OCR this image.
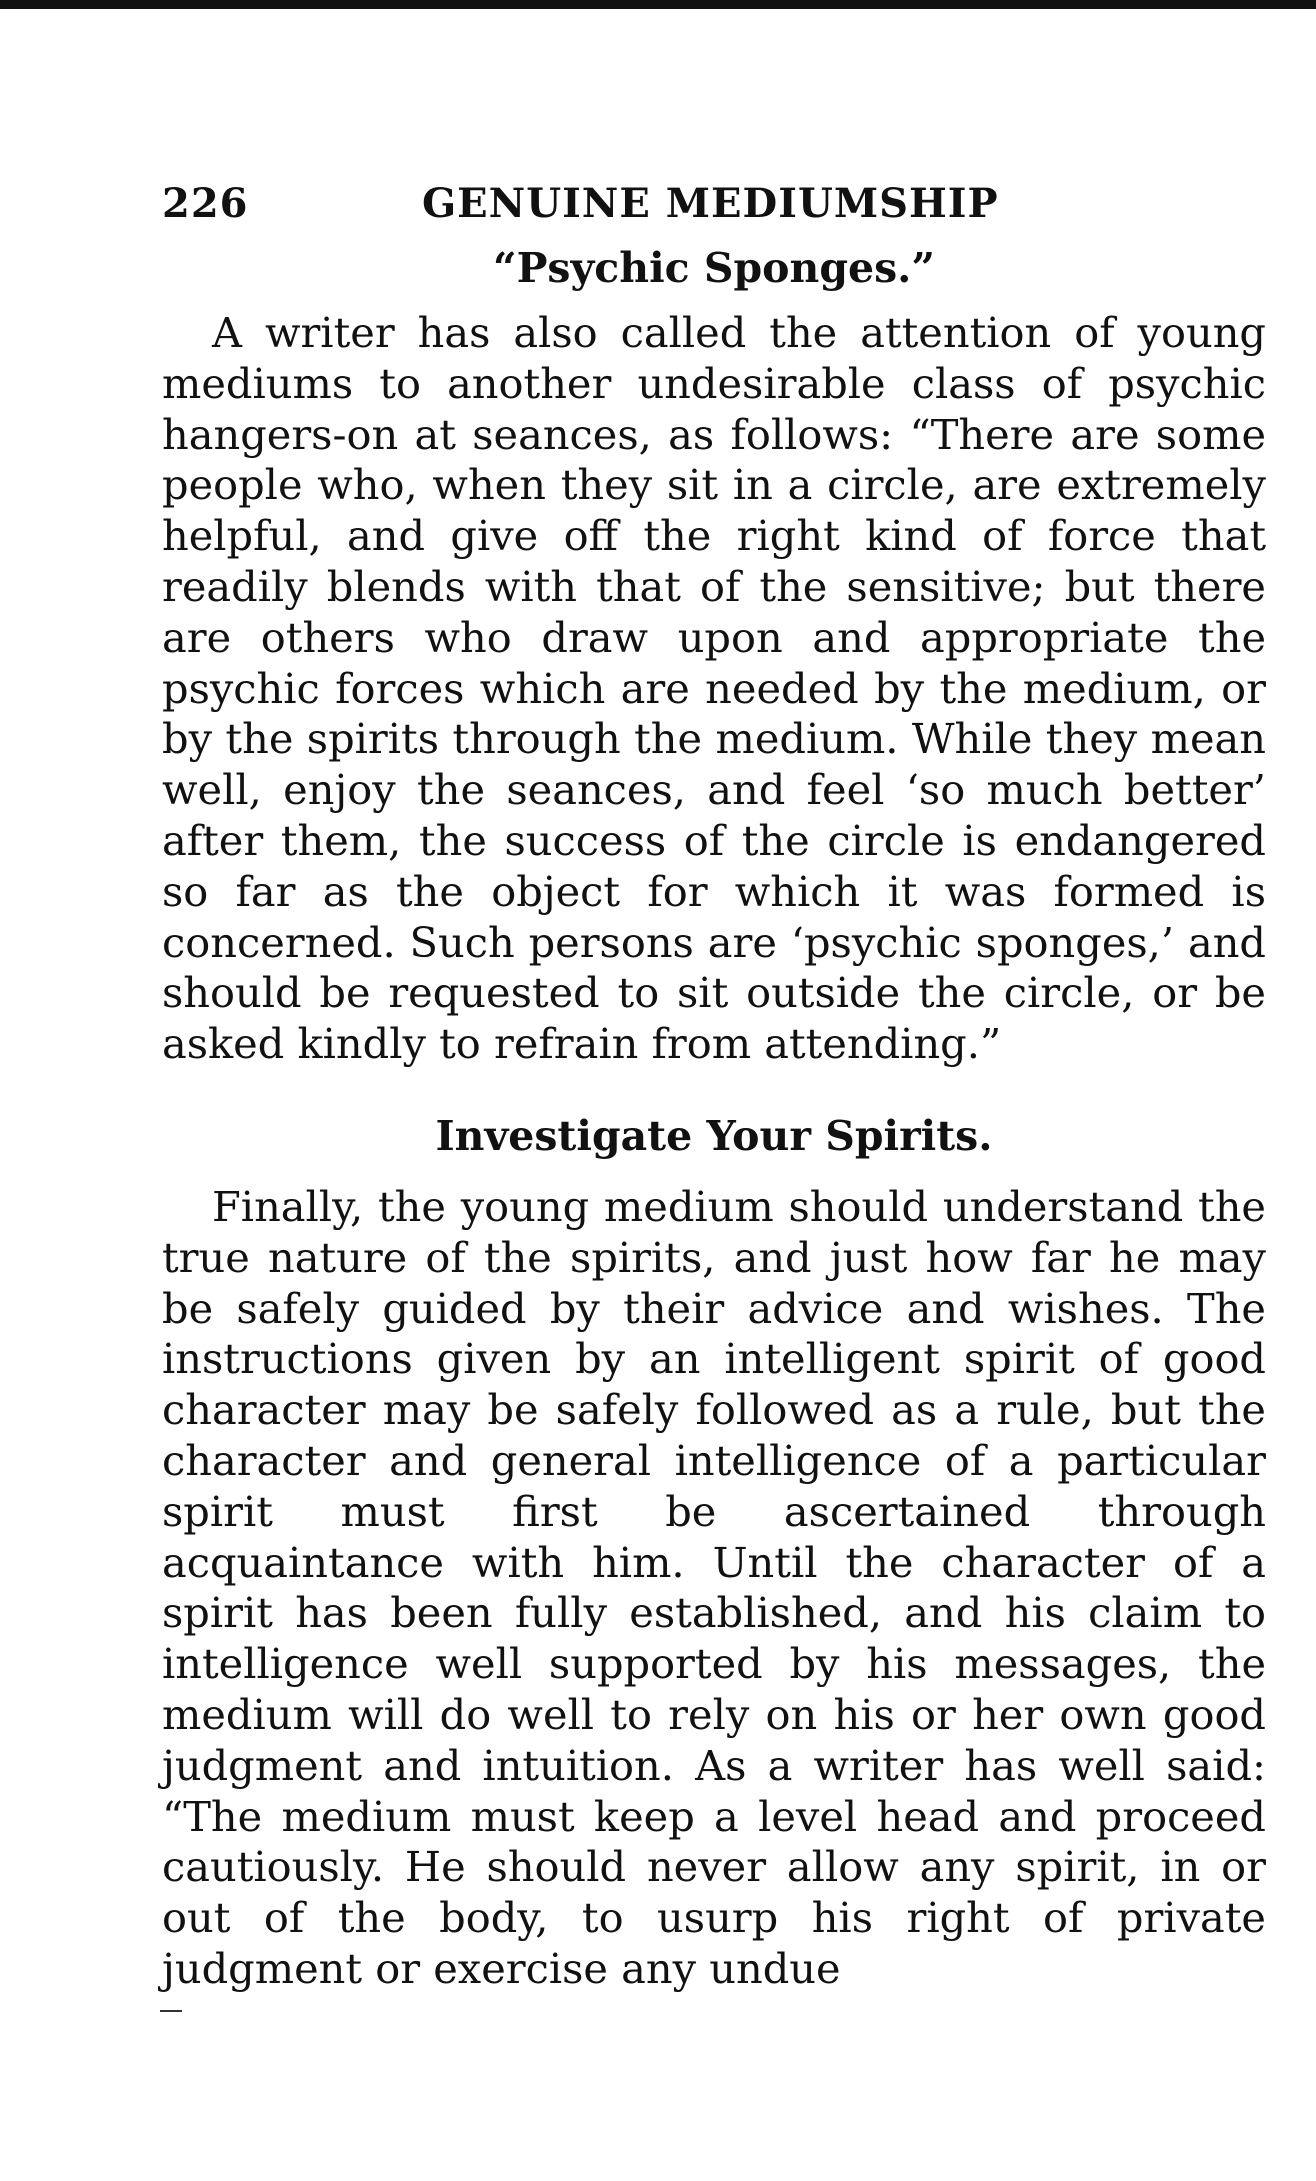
226	GENUINE MEDIUMSHIP
“Psychic Sponges.”

A writer has also called the attention of young mediums to another undesirable class of psychic hangers-on at seances, as follows: “There are some people who, when they sit in a circle, are extremely helpful, and give off the right kind of force that readily blends with that of the sensitive; but there are others who draw upon and appropriate the psychic forces which are needed by the medium, or by the spirits through the medium. While they mean well, enjoy the seances, and feel ‘so much better’ after them, the success of the circle is endangered so far as the object for which it was formed is concerned. Such persons are ‘psychic sponges,’ and should be requested to sit outside the circle, or be asked kindly to refrain from attending.”

Investigate Your Spirits.

Finally, the young medium should understand the true nature of the spirits, and just how far he may be safely guided by their advice and wishes. The instructions given by an intelligent spirit of good character may be safely followed as a rule, but the character and general intelligence of a particular spirit must first be ascertained through acquaintance with him. Until the character of a spirit has been fully established, and his claim to intelligence well supported by his messages, the medium will do well to rely on his or her own good judgment and intuition. As a writer has well said: “The medium must keep a level head and proceed cautiously. He should never allow any spirit, in or out of the body, to usurp his right of private judgment or exercise any undue
